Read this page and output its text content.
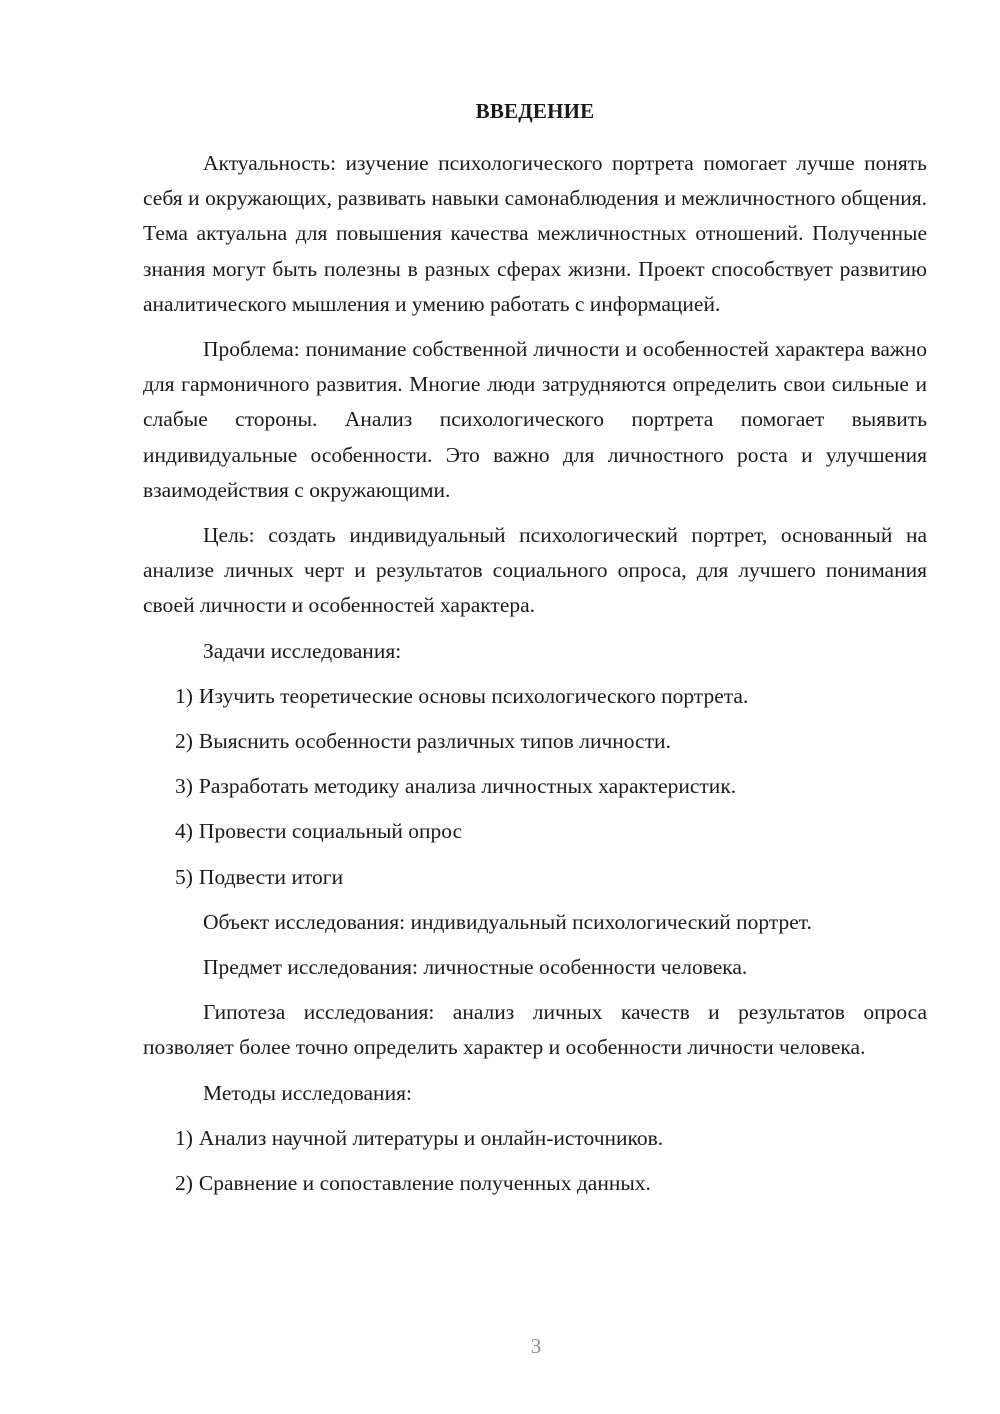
ВВЕДЕНИЕ

Актуальность: изучение психологического портрета помогает лучше понять себя и окружающих, развивать навыки самонаблюдения и межличностного общения. Тема актуальна для повышения качества межличностных отношений. Полученные знания могут быть полезны в разных сферах жизни. Проект способствует развитию аналитического мышления и умению работать с информацией.

Проблема: понимание собственной личности и особенностей характера важно для гармоничного развития. Многие люди затрудняются определить свои сильные и слабые стороны. Анализ психологического портрета помогает выявить индивидуальные особенности. Это важно для личностного роста и улучшения взаимодействия с окружающими.

Цель: создать индивидуальный психологический портрет, основанный на анализе личных черт и результатов социального опроса, для лучшего понимания своей личности и особенностей характера.

Задачи исследования:

1) Изучить теоретические основы психологического портрета.
2) Выяснить особенности различных типов личности.
3) Разработать методику анализа личностных характеристик.
4) Провести социальный опрос
5) Подвести итоги

Объект исследования: индивидуальный психологический портрет.

Предмет исследования: личностные особенности человека.

Гипотеза исследования: анализ личных качеств и результатов опроса позволяет более точно определить характер и особенности личности человека.

Методы исследования:

1) Анализ научной литературы и онлайн-источников.
2) Сравнение и сопоставление полученных данных.
3
